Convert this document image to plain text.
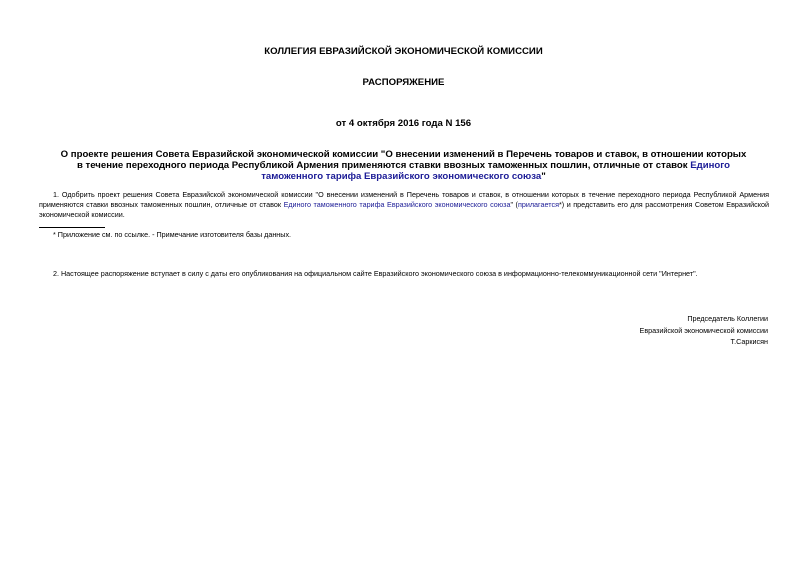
КОЛЛЕГИЯ ЕВРАЗИЙСКОЙ ЭКОНОМИЧЕСКОЙ КОМИССИИ
РАСПОРЯЖЕНИЕ
от 4 октября 2016 года N 156
О проекте решения Совета Евразийской экономической комиссии "О внесении изменений в Перечень товаров и ставок, в отношении которых в течение переходного периода Республикой Армения применяются ставки ввозных таможенных пошлин, отличные от ставок Единого таможенного тарифа Евразийского экономического союза"
1. Одобрить проект решения Совета Евразийской экономической комиссии "О внесении изменений в Перечень товаров и ставок, в отношении которых в течение переходного периода Республикой Армения применяются ставки ввозных таможенных пошлин, отличные от ставок Единого таможенного тарифа Евразийского экономического союза" (прилагается*) и представить его для рассмотрения Советом Евразийской экономической комиссии.
* Приложение см. по ссылке. - Примечание изготовителя базы данных.
2. Настоящее распоряжение вступает в силу с даты его опубликования на официальном сайте Евразийского экономического союза в информационно-телекоммуникационной сети "Интернет".
Председатель Коллегии
Евразийской экономической комиссии
Т.Саркисян
